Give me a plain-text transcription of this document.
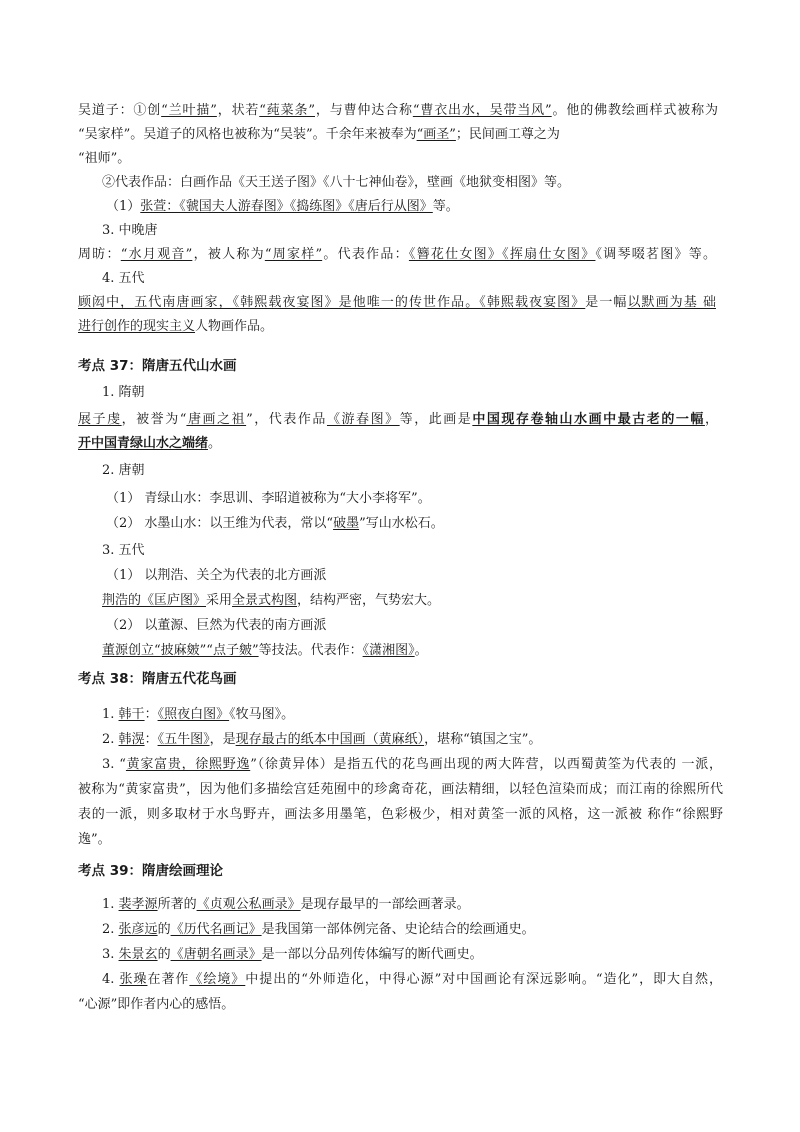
吴道子：①创“兰叶描”，状若“莼菜条”，与曹仲达合称“曹衣出水，吴带当风”。他的佛教绘画样式被称为
“吴家样”。吴道子的风格也被称为“吴装”。千余年来被奉为“画圣”；民间画工尊之为
“祖师”。
②代表作品：白画作品《天王送子图》《八十七神仙卷》，壁画《地狱变相图》等。
（1）张萱：《虢国夫人游春图》《捣练图》《唐后行从图》等。
3. 中晚唐
周昉：“水月观音”，被人称为“周家样”。代表作品：《簪花仕女图》《挥扇仕女图》《调琴啜茗图》等。
4. 五代
顾闳中，五代南唐画家，《韩熙载夜宴图》是他唯一的传世作品。《韩熙载夜宴图》是一幅以默画为基 础
进行创作的现实主义人物画作品。
考点 37：隋唐五代山水画
1. 隋朝
展子虔，被誉为“唐画之祖”，代表作品《游春图》等，此画是中国现存卷轴山水画中最古老的一幅，
开中国青绿山水之端绪。
2. 唐朝
（1） 青绿山水：李思训、李昭道被称为“大小李将军”。
（2） 水墨山水：以王维为代表，常以“破墨”写山水松石。
3. 五代
（1） 以荆浩、关仝为代表的北方画派
荆浩的《匡庐图》采用全景式构图，结构严密，气势宏大。
（2） 以董源、巨然为代表的南方画派
董源创立“披麻皴”“点子皴”等技法。代表作：《潇湘图》。
考点 38：隋唐五代花鸟画
1. 韩干：《照夜白图》《牧马图》。
2. 韩滉：《五牛图》，是现存最古的纸本中国画（黄麻纸），堪称“镇国之宝”。
3. “黄家富贵，徐熙野逸”（徐黄异体）是指五代的花鸟画出现的两大阵营，以西蜀黄筌为代表的 一派，
被称为“黄家富贵”，因为他们多描绘宫廷苑囿中的珍禽奇花，画法精细，以轻色渲染而成；而江南的徐熙所代
表的一派，则多取材于水鸟野卉，画法多用墨笔，色彩极少，相对黄筌一派的风格，这一派被 称作“徐熙野
逸”。
考点 39：隋唐绘画理论
1. 裴孝源所著的《贞观公私画录》是现存最早的一部绘画著录。
2. 张彦远的《历代名画记》是我国第一部体例完备、史论结合的绘画通史。
3. 朱景玄的《唐朝名画录》是一部以分品列传体编写的断代画史。
4. 张璪在著作《绘境》中提出的“外师造化，中得心源”对中国画论有深远影响。“造化”，即大自然，
“心源”即作者内心的感悟。
